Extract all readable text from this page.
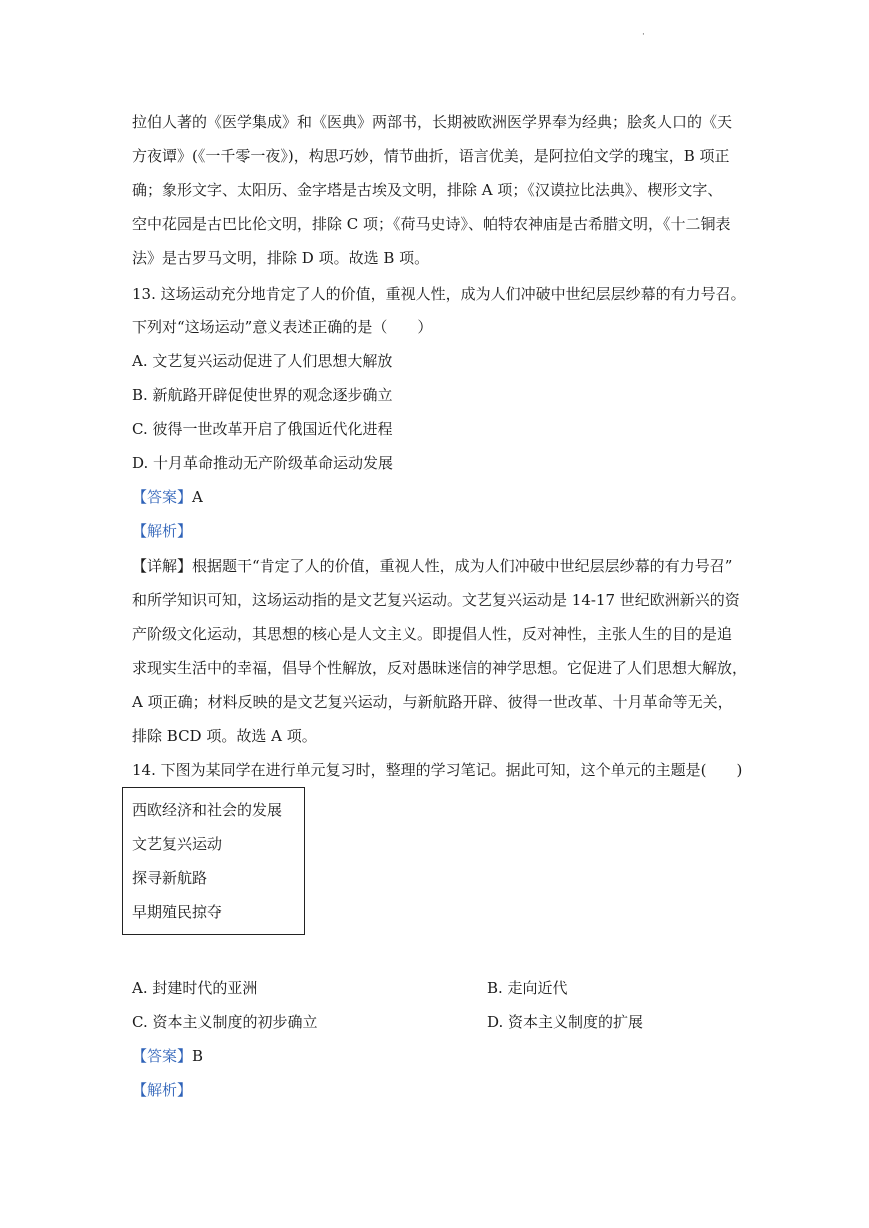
·
拉伯人著的《医学集成》和《医典》两部书，长期被欧洲医学界奉为经典；脍炙人口的《天
方夜谭》(《一千零一夜》)，构思巧妙，情节曲折，语言优美，是阿拉伯文学的瑰宝，B 项正
确；象形文字、太阳历、金字塔是古埃及文明，排除 A 项；《汉谟拉比法典》、楔形文字、
空中花园是古巴比伦文明，排除 C 项；《荷马史诗》、帕特农神庙是古希腊文明，《十二铜表
法》是古罗马文明，排除 D 项。故选 B 项。
13. 这场运动充分地肯定了人的价值，重视人性，成为人们冲破中世纪层层纱幕的有力号召。
下列对“这场运动”意义表述正确的是（　　）
A. 文艺复兴运动促进了人们思想大解放
B. 新航路开辟促使世界的观念逐步确立
C. 彼得一世改革开启了俄国近代化进程
D. 十月革命推动无产阶级革命运动发展
【答案】A
【解析】
【详解】根据题干“肯定了人的价值，重视人性，成为人们冲破中世纪层层纱幕的有力号召”
和所学知识可知，这场运动指的是文艺复兴运动。文艺复兴运动是 14-17 世纪欧洲新兴的资
产阶级文化运动，其思想的核心是人文主义。即提倡人性，反对神性，主张人生的目的是追
求现实生活中的幸福，倡导个性解放，反对愚昧迷信的神学思想。它促进了人们思想大解放，
A 项正确；材料反映的是文艺复兴运动，与新航路开辟、彼得一世改革、十月革命等无关，
排除 BCD 项。故选 A 项。
14. 下图为某同学在进行单元复习时，整理的学习笔记。据此可知，这个单元的主题是(　　)
西欧经济和社会的发展
文艺复兴运动
探寻新航路
早期殖民掠夺
A. 封建时代的亚洲	B. 走向近代
C. 资本主义制度的初步确立	D. 资本主义制度的扩展
【答案】B
【解析】
